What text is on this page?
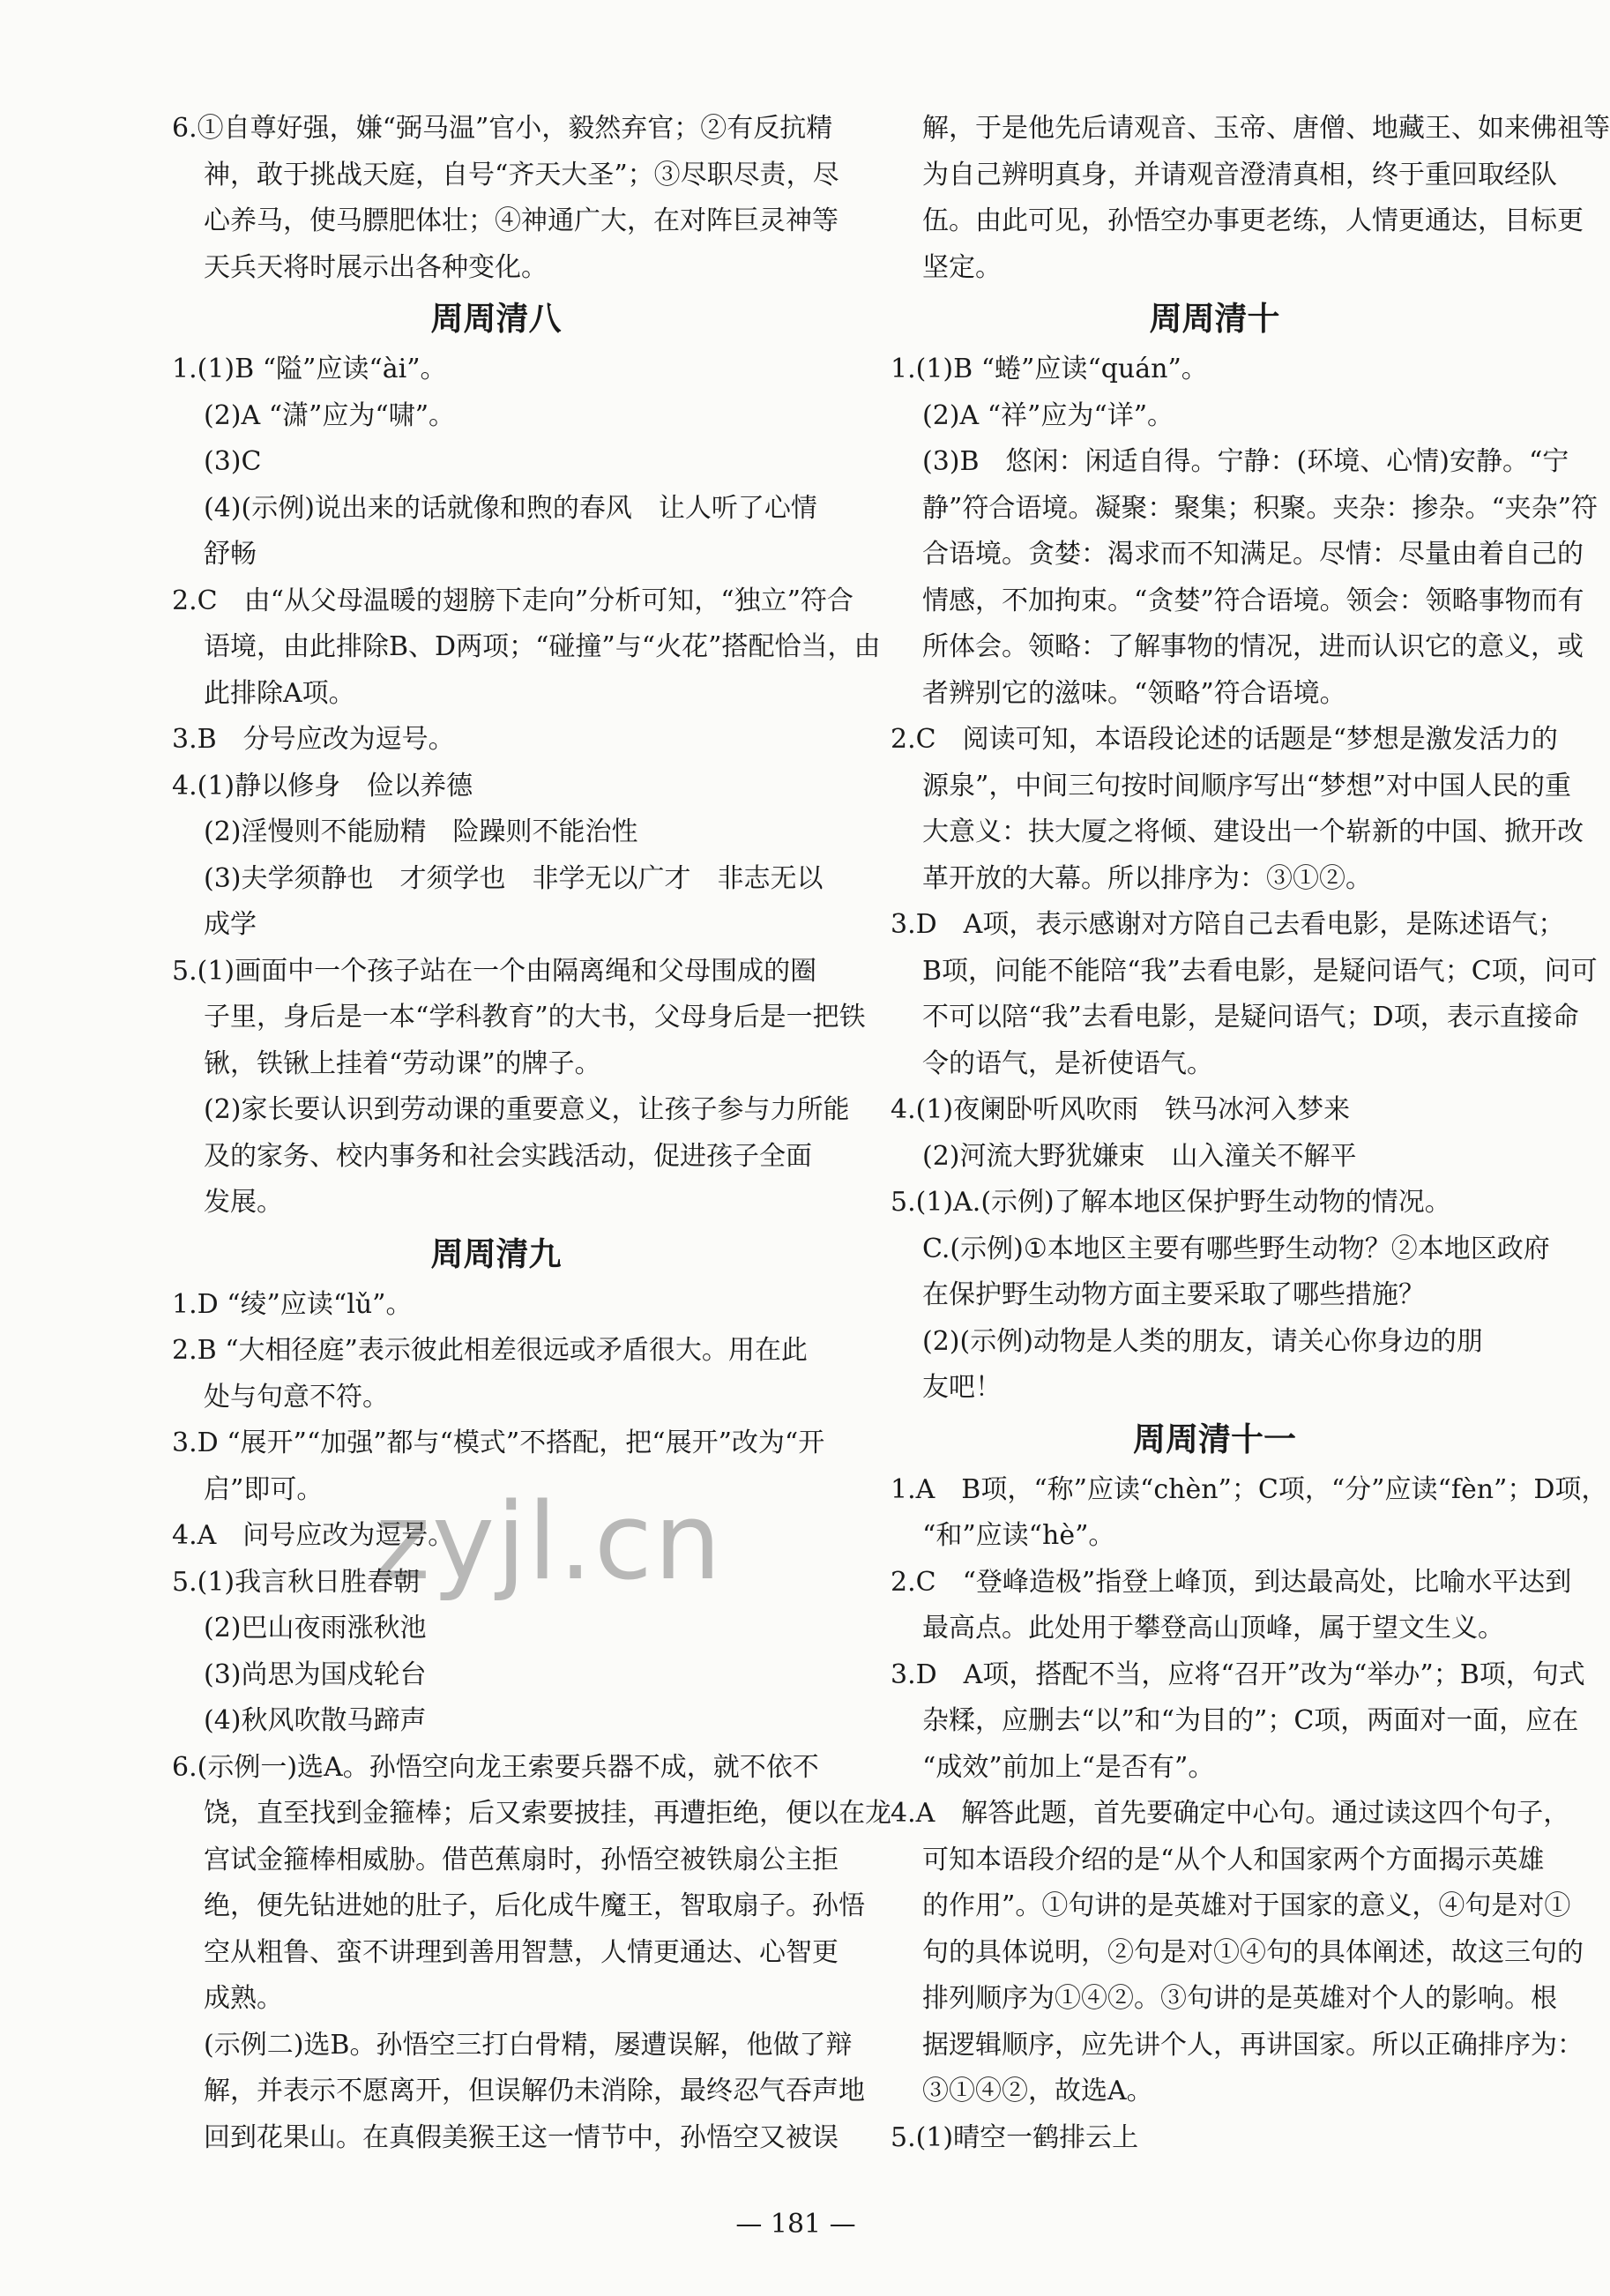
6.①自尊好强，嫌“弼马温”官小，毅然弃官；②有反抗精
神，敢于挑战天庭，自号“齐天大圣”；③尽职尽责，尽
心养马，使马膘肥体壮；④神通广大，在对阵巨灵神等
天兵天将时展示出各种变化。
周周清八
1.(1)B “隘”应读“ài”。
(2)A “潇”应为“啸”。
(3)C
(4)(示例)说出来的话就像和煦的春风　让人听了心情
舒畅
2.C　由“从父母温暖的翅膀下走向”分析可知，“独立”符合
语境，由此排除B、D两项；“碰撞”与“火花”搭配恰当，由
此排除A项。
3.B　分号应改为逗号。
4.(1)静以修身　俭以养德
(2)淫慢则不能励精　险躁则不能治性
(3)夫学须静也　才须学也　非学无以广才　非志无以
成学
5.(1)画面中一个孩子站在一个由隔离绳和父母围成的圈
子里，身后是一本“学科教育”的大书，父母身后是一把铁
锹，铁锹上挂着“劳动课”的牌子。
(2)家长要认识到劳动课的重要意义，让孩子参与力所能
及的家务、校内事务和社会实践活动，促进孩子全面
发展。
周周清九
1.D “绫”应读“lǔ”。
2.B “大相径庭”表示彼此相差很远或矛盾很大。用在此
处与句意不符。
3.D “展开”“加强”都与“模式”不搭配，把“展开”改为“开
启”即可。
4.A　问号应改为逗号。
5.(1)我言秋日胜春朝
(2)巴山夜雨涨秋池
(3)尚思为国戍轮台
(4)秋风吹散马蹄声
6.(示例一)选A。孙悟空向龙王索要兵器不成，就不依不
饶，直至找到金箍棒；后又索要披挂，再遭拒绝，便以在龙
宫试金箍棒相威胁。借芭蕉扇时，孙悟空被铁扇公主拒
绝，便先钻进她的肚子，后化成牛魔王，智取扇子。孙悟
空从粗鲁、蛮不讲理到善用智慧，人情更通达、心智更
成熟。
(示例二)选B。孙悟空三打白骨精，屡遭误解，他做了辩
解，并表示不愿离开，但误解仍未消除，最终忍气吞声地
回到花果山。在真假美猴王这一情节中，孙悟空又被误
解，于是他先后请观音、玉帝、唐僧、地藏王、如来佛祖等
为自己辨明真身，并请观音澄清真相，终于重回取经队
伍。由此可见，孙悟空办事更老练，人情更通达，目标更
坚定。
周周清十
1.(1)B “蜷”应读“quán”。
(2)A “祥”应为“详”。
(3)B　悠闲：闲适自得。宁静：(环境、心情)安静。“宁
静”符合语境。凝聚：聚集；积聚。夹杂：掺杂。“夹杂”符
合语境。贪婪：渴求而不知满足。尽情：尽量由着自己的
情感，不加拘束。“贪婪”符合语境。领会：领略事物而有
所体会。领略：了解事物的情况，进而认识它的意义，或
者辨别它的滋味。“领略”符合语境。
2.C　阅读可知，本语段论述的话题是“梦想是激发活力的
源泉”，中间三句按时间顺序写出“梦想”对中国人民的重
大意义：扶大厦之将倾、建设出一个崭新的中国、掀开改
革开放的大幕。所以排序为：③①②。
3.D　A项，表示感谢对方陪自己去看电影，是陈述语气；
B项，问能不能陪“我”去看电影，是疑问语气；C项，问可
不可以陪“我”去看电影，是疑问语气；D项，表示直接命
令的语气，是祈使语气。
4.(1)夜阑卧听风吹雨　铁马冰河入梦来
(2)河流大野犹嫌束　山入潼关不解平
5.(1)A.(示例)了解本地区保护野生动物的情况。
C.(示例)①本地区主要有哪些野生动物？②本地区政府
在保护野生动物方面主要采取了哪些措施？
(2)(示例)动物是人类的朋友，请关心你身边的朋
友吧！
周周清十一
1.A　B项，“称”应读“chèn”；C项，“分”应读“fèn”；D项，
“和”应读“hè”。
2.C　“登峰造极”指登上峰顶，到达最高处，比喻水平达到
最高点。此处用于攀登高山顶峰，属于望文生义。
3.D　A项，搭配不当，应将“召开”改为“举办”；B项，句式
杂糅，应删去“以”和“为目的”；C项，两面对一面，应在
“成效”前加上“是否有”。
4.A　解答此题，首先要确定中心句。通过读这四个句子，
可知本语段介绍的是“从个人和国家两个方面揭示英雄
的作用”。①句讲的是英雄对于国家的意义，④句是对①
句的具体说明，②句是对①④句的具体阐述，故这三句的
排列顺序为①④②。③句讲的是英雄对个人的影响。根
据逻辑顺序，应先讲个人，再讲国家。所以正确排序为：
③①④②，故选A。
5.(1)晴空一鹤排云上
zyjl.cn
— 181 —
